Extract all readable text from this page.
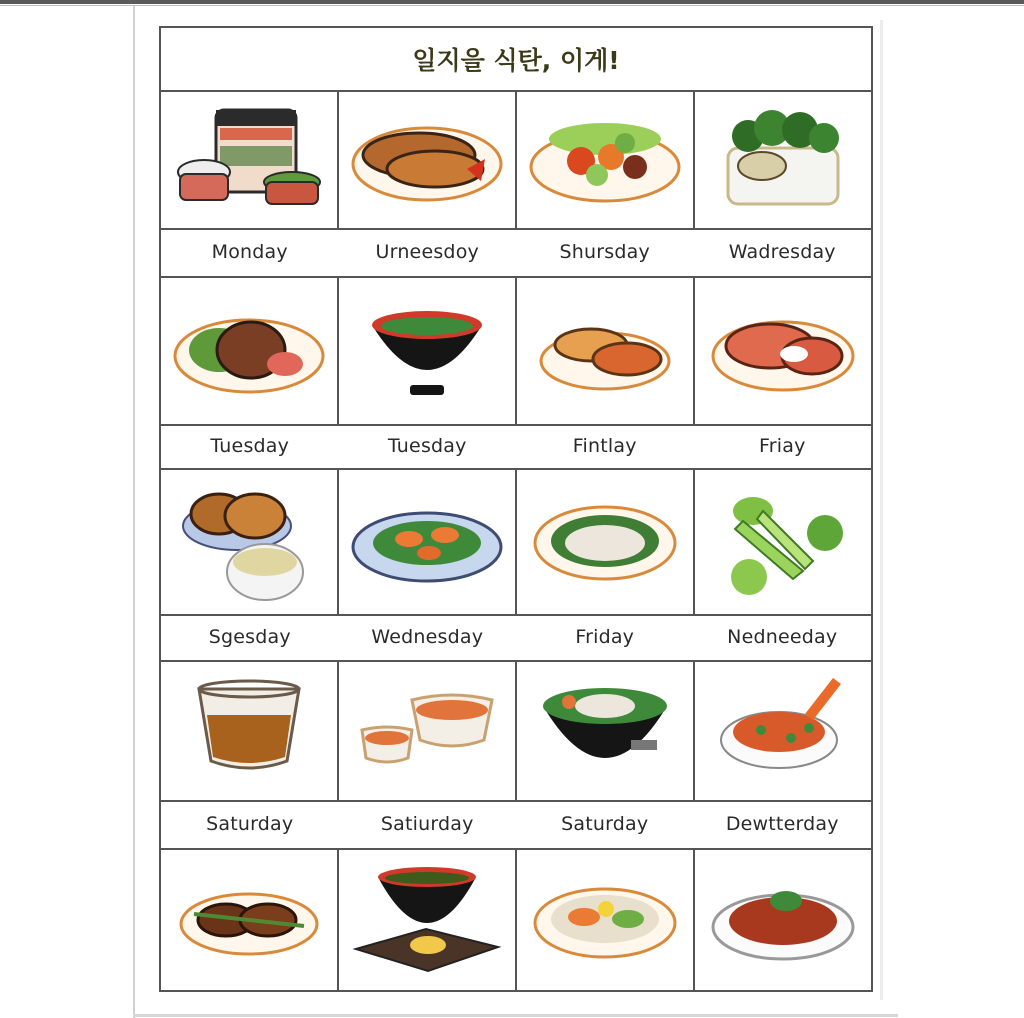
일지을 식탄, 이게!
Monday	Urneesdoy	Shursday	Wadresday
Tuesday	Tuesday	Fintlay	Friay
Sgesday	Wednesday	Friday	Nedneeday
Saturday	Satiurday	Saturday	Dewtterday
